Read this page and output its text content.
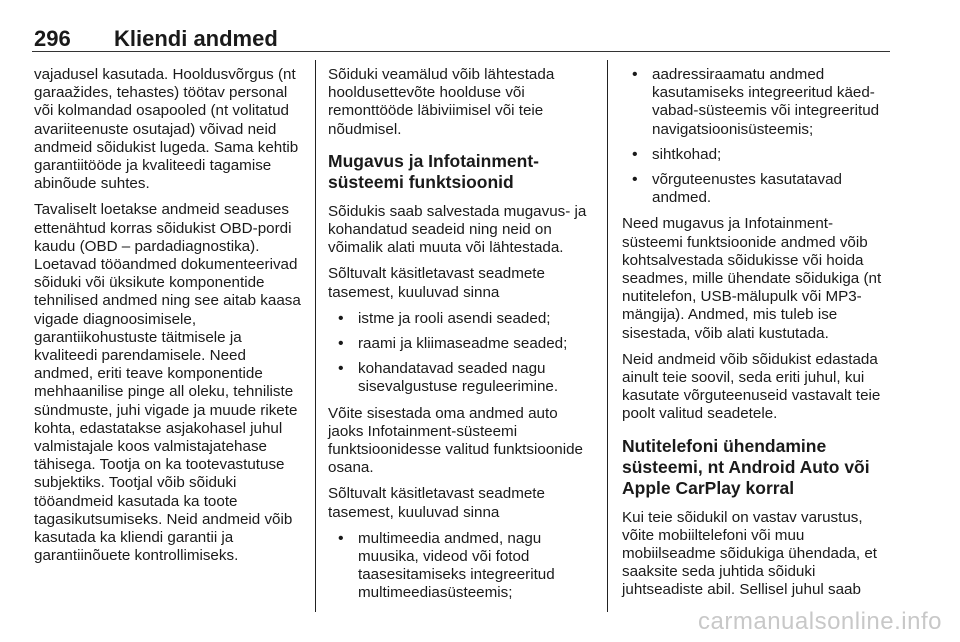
296 Kliendi andmed

vajadusel kasutada. Hooldusvõrgus (nt garaažides, tehastes) töötav personal või kolmandad osapooled (nt volitatud avariiteenuste osutajad) võivad neid andmeid sõidukist lugeda. Sama kehtib garantiitööde ja kvaliteedi tagamise abinõude suhtes.

Tavaliselt loetakse andmeid seaduses ettenähtud korras sõidukist OBD-pordi kaudu (OBD – pardadiagnostika). Loetavad tööandmed dokumenteerivad sõiduki või üksikute komponentide tehnilised andmed ning see aitab kaasa vigade diagnoosimisele, garantiikohustuste täitmisele ja kvaliteedi parendamisele. Need andmed, eriti teave komponentide mehhaanilise pinge all oleku, tehniliste sündmuste, juhi vigade ja muude rikete kohta, edastatakse asjakohasel juhul valmistajale koos valmistajatehase tähisega. Tootja on ka tootevastutuse subjektiks. Tootjal võib sõiduki tööandmeid kasutada ka toote tagasikutsumiseks. Neid andmeid võib kasutada ka kliendi garantii ja garantiinõuete kontrollimiseks.

Sõiduki veamälud võib lähtestada hooldusettevõte hoolduse või remonttööde läbiviimisel või teie nõudmisel.

Mugavus ja Infotainment-süsteemi funktsioonid

Sõidukis saab salvestada mugavus- ja kohandatud seadeid ning neid on võimalik alati muuta või lähtestada.

Sõltuvalt käsitletavast seadmete tasemest, kuuluvad sinna

• istme ja rooli asendi seaded;
• raami ja kliimaseadme seaded;
• kohandatavad seaded nagu sisevalgustuse reguleerimine.

Võite sisestada oma andmed auto jaoks Infotainment-süsteemi funktsioonidesse valitud funktsioonide osana.

Sõltuvalt käsitletavast seadmete tasemest, kuuluvad sinna

• multimeedia andmed, nagu muusika, videod või fotod taasesitamiseks integreeritud multimeediasüsteemis;
• aadressiraamatu andmed kasutamiseks integreeritud käed-vabad-süsteemis või integreeritud navigatsioonisüsteemis;
• sihtkohad;
• võrguteenustes kasutatavad andmed.

Need mugavus ja Infotainment-süsteemi funktsioonide andmed võib kohtsalvestada sõidukisse või hoida seadmes, mille ühendate sõidukiga (nt nutitelefon, USB-mälupulk või MP3-mängija). Andmed, mis tuleb ise sisestada, võib alati kustutada.

Neid andmeid võib sõidukist edastada ainult teie soovil, seda eriti juhul, kui kasutate võrguteenuseid vastavalt teie poolt valitud seadetele.

Nutitelefoni ühendamine süsteemi, nt Android Auto või Apple CarPlay korral

Kui teie sõidukil on vastav varustus, võite mobiiltelefoni või muu mobiilseadme sõidukiga ühendada, et saaksite seda juhtida sõiduki juhtseadiste abil. Sellisel juhul saab

carmanualsonline.info
